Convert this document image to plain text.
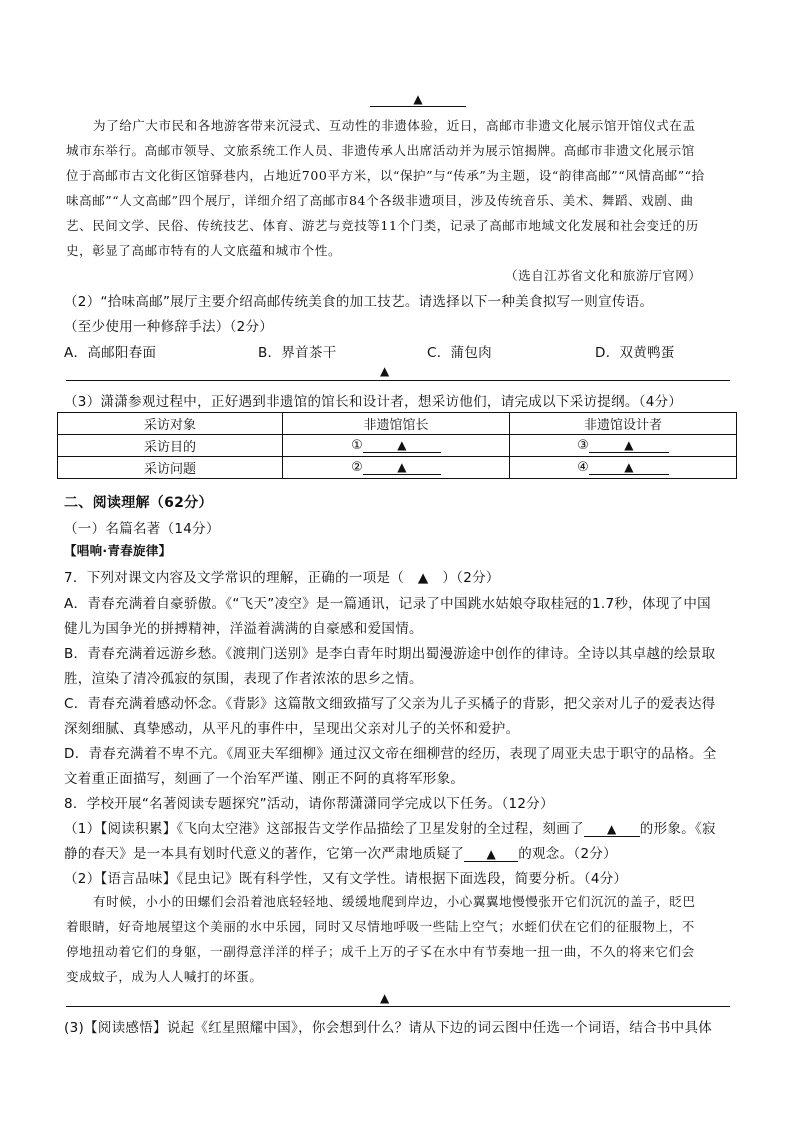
▲
为了给广大市民和各地游客带来沉浸式、互动性的非遗体验，近日，高邮市非遗文化展示馆开馆仪式在盂
城市东举行。高邮市领导、文旅系统工作人员、非遗传承人出席活动并为展示馆揭牌。高邮市非遗文化展示馆
位于高邮市古文化街区馆驿巷内，占地近700平方米，以“保护”与“传承”为主题，设“韵律高邮”“风情高邮”“拾
味高邮”“人文高邮”四个展厅，详细介绍了高邮市84个各级非遗项目，涉及传统音乐、美术、舞蹈、戏剧、曲
艺、民间文学、民俗、传统技艺、体育、游艺与竞技等11个门类，记录了高邮市地域文化发展和社会变迁的历
史，彰显了高邮市特有的人文底蕴和城市个性。
（选自江苏省文化和旅游厅官网）
（2）“拾味高邮”展厅主要介绍高邮传统美食的加工技艺。请选择以下一种美食拟写一则宣传语。
（至少使用一种修辞手法）（2分）
A．高邮阳春面	B．界首茶干	C．蒲包肉	D．双黄鸭蛋
▲
（3）潇潇参观过程中，正好遇到非遗馆的馆长和设计者，想采访他们，请完成以下采访提纲。（4分）
采访对象	非遗馆馆长	非遗馆设计者
采访目的	① ▲	③ ▲
采访问题	② ▲	④ ▲
二、阅读理解（62分）
（一）名篇名著（14分）
【唱响·青春旋律】
7．下列对课文内容及文学常识的理解，正确的一项是（　▲　）（2分）
A．青春充满着自豪骄傲。《“飞天”凌空》是一篇通讯，记录了中国跳水姑娘夺取桂冠的1.7秒，体现了中国
健儿为国争光的拼搏精神，洋溢着满满的自豪感和爱国情。
B．青春充满着远游乡愁。《渡荆门送别》是李白青年时期出蜀漫游途中创作的律诗。全诗以其卓越的绘景取
胜，渲染了清冷孤寂的氛围，表现了作者浓浓的思乡之情。
C．青春充满着感动怀念。《背影》这篇散文细致描写了父亲为儿子买橘子的背影，把父亲对儿子的爱表达得
深刻细腻、真挚感动，从平凡的事件中，呈现出父亲对儿子的关怀和爱护。
D．青春充满着不卑不亢。《周亚夫军细柳》通过汉文帝在细柳营的经历，表现了周亚夫忠于职守的品格。全
文着重正面描写，刻画了一个治军严谨、刚正不阿的真将军形象。
8．学校开展“名著阅读专题探究”活动，请你帮潇潇同学完成以下任务。（12分）
（1）【阅读积累】《飞向太空港》这部报告文学作品描绘了卫星发射的全过程，刻画了 ▲ 的形象。《寂
静的春天》是一本具有划时代意义的著作，它第一次严肃地质疑了 ▲ 的观念。（2分）
（2）【语言品味】《昆虫记》既有科学性，又有文学性。请根据下面选段，简要分析。（4分）
有时候，小小的田螺们会沿着池底轻轻地、缓缓地爬到岸边，小心翼翼地慢慢张开它们沉沉的盖子，眨巴
着眼睛，好奇地展望这个美丽的水中乐园，同时又尽情地呼吸一些陆上空气；水蛭们伏在它们的征服物上，不
停地扭动着它们的身躯，一副得意洋洋的样子；成千上万的孑孓在水中有节奏地一扭一曲，不久的将来它们会
变成蚊子，成为人人喊打的坏蛋。
▲
(3)【阅读感悟】说起《红星照耀中国》，你会想到什么？请从下边的词云图中任选一个词语，结合书中具体
